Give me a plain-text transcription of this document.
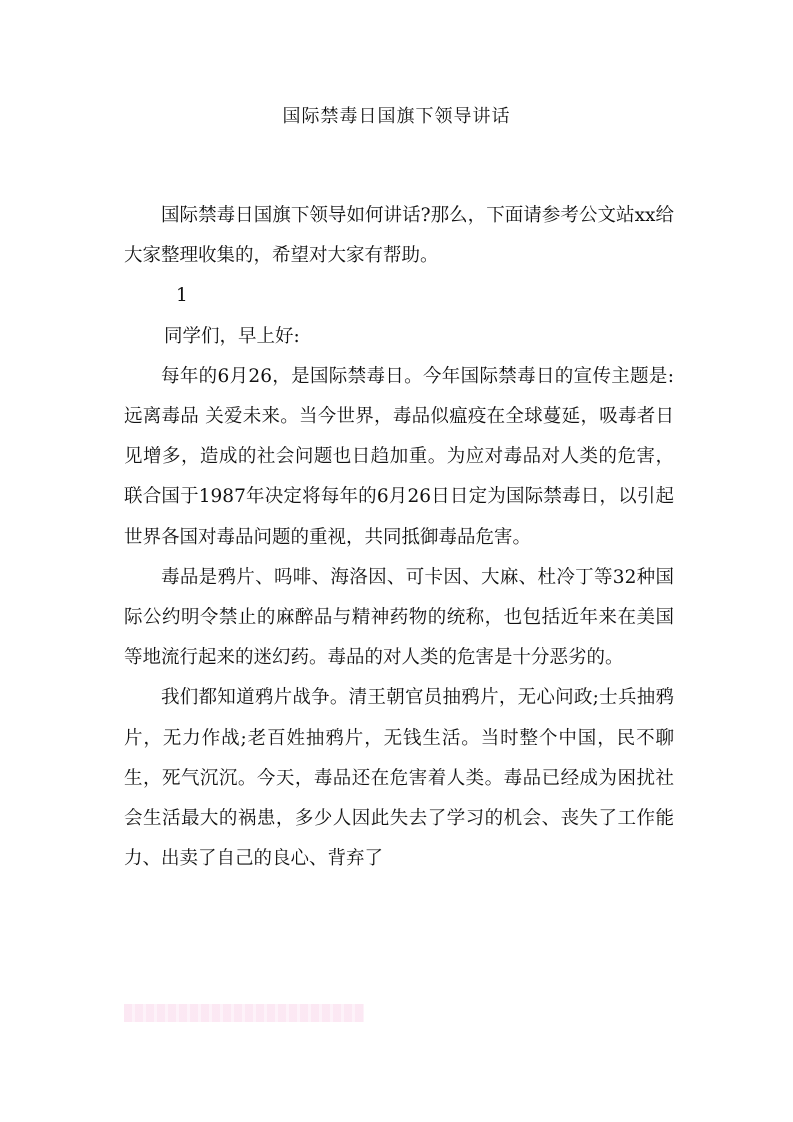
国际禁毒日国旗下领导讲话

国际禁毒日国旗下领导如何讲话?那么，下面请参考公文站xx给大家整理收集的，希望对大家有帮助。

1

同学们，早上好:

每年的6月26，是国际禁毒日。今年国际禁毒日的宣传主题是:远离毒品 关爱未来。当今世界，毒品似瘟疫在全球蔓延，吸毒者日见增多，造成的社会问题也日趋加重。为应对毒品对人类的危害，联合国于1987年决定将每年的6月26日日定为国际禁毒日，以引起世界各国对毒品问题的重视，共同抵御毒品危害。

毒品是鸦片、吗啡、海洛因、可卡因、大麻、杜冷丁等32种国际公约明令禁止的麻醉品与精神药物的统称，也包括近年来在美国等地流行起来的迷幻药。毒品的对人类的危害是十分恶劣的。

我们都知道鸦片战争。清王朝官员抽鸦片，无心问政;士兵抽鸦片，无力作战;老百姓抽鸦片，无钱生活。当时整个中国，民不聊生，死气沉沉。今天，毒品还在危害着人类。毒品已经成为困扰社会生活最大的祸患，多少人因此失去了学习的机会、丧失了工作能力、出卖了自己的良心、背弃了
